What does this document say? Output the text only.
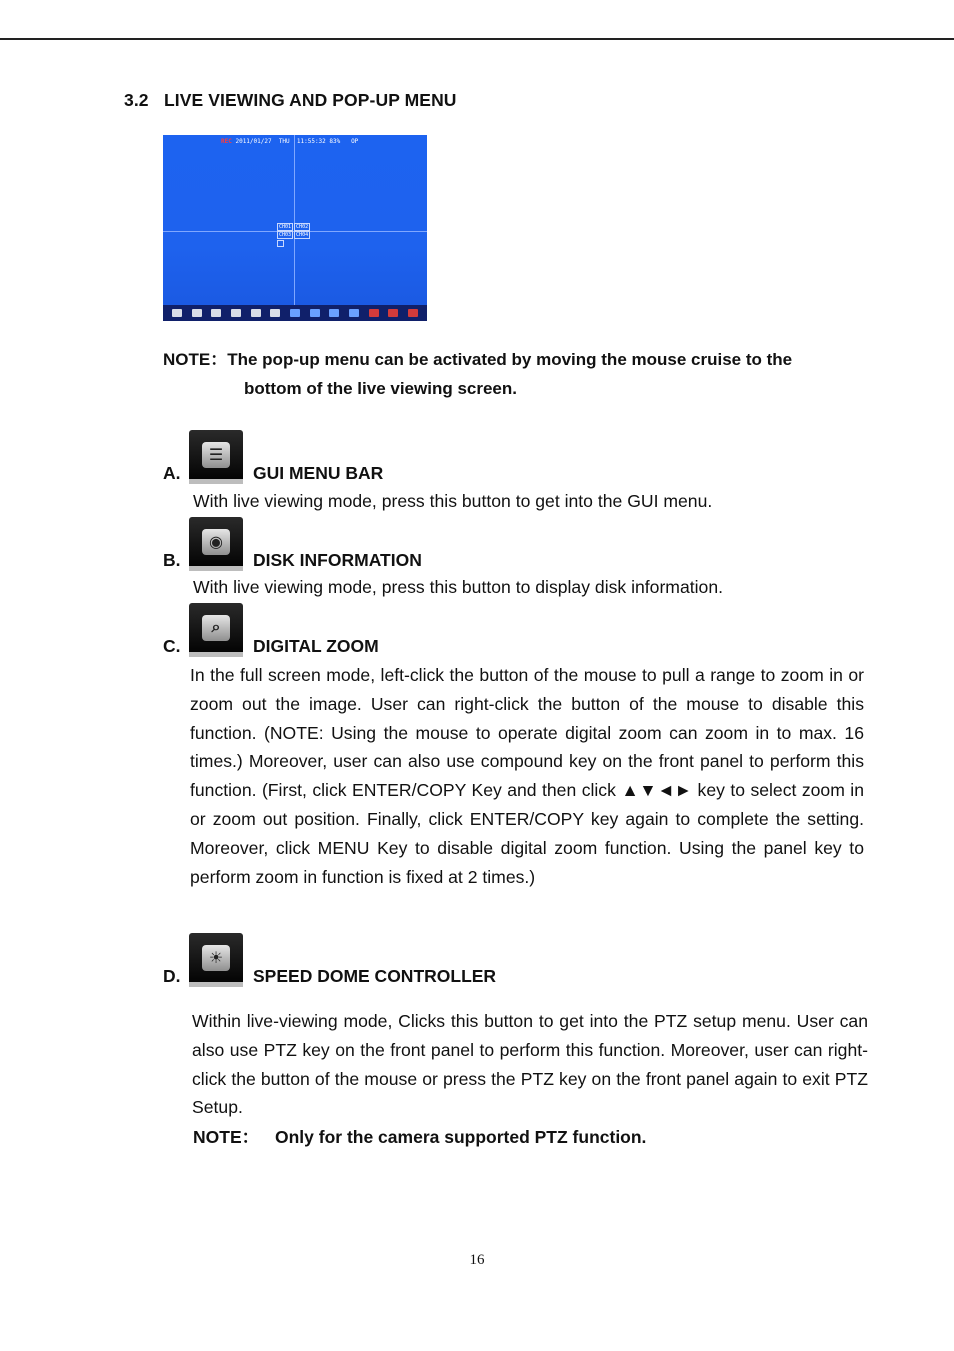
3.2 LIVE VIEWING AND POP-UP MENU
REC 2011/01/27  THU  11:55:32 83%   OP
CH01 CH02
CH03 CH04
NOTE：The pop-up menu can be activated by moving the mouse cruise to the
bottom of the live viewing screen.
A.
☰
GUI MENU BAR
With live viewing mode, press this button to get into the GUI menu.
B.
◉
DISK INFORMATION
With live viewing mode, press this button to display disk information.
C.
⌕
DIGITAL ZOOM
In the full screen mode, left-click the button of the mouse to pull a range to zoom in or zoom out the image. User can right-click the button of the mouse to disable this function. (NOTE: Using the mouse to operate digital zoom can zoom in to max. 16 times.) Moreover, user can also use compound key on the front panel to perform this function. (First, click ENTER/COPY Key and then click ▲▼◄► key to select zoom in or zoom out position. Finally, click ENTER/COPY key again to complete the setting. Moreover, click MENU Key to disable digital zoom function. Using the panel key to perform zoom in function is fixed at 2 times.)
D.
☀
SPEED DOME CONTROLLER
Within live-viewing mode, Clicks this button to get into the PTZ setup menu. User can also use PTZ key on the front panel to perform this function. Moreover, user can right-click the button of the mouse or press the PTZ key on the front panel again to exit PTZ Setup.
NOTE： Only for the camera supported PTZ function.
16
